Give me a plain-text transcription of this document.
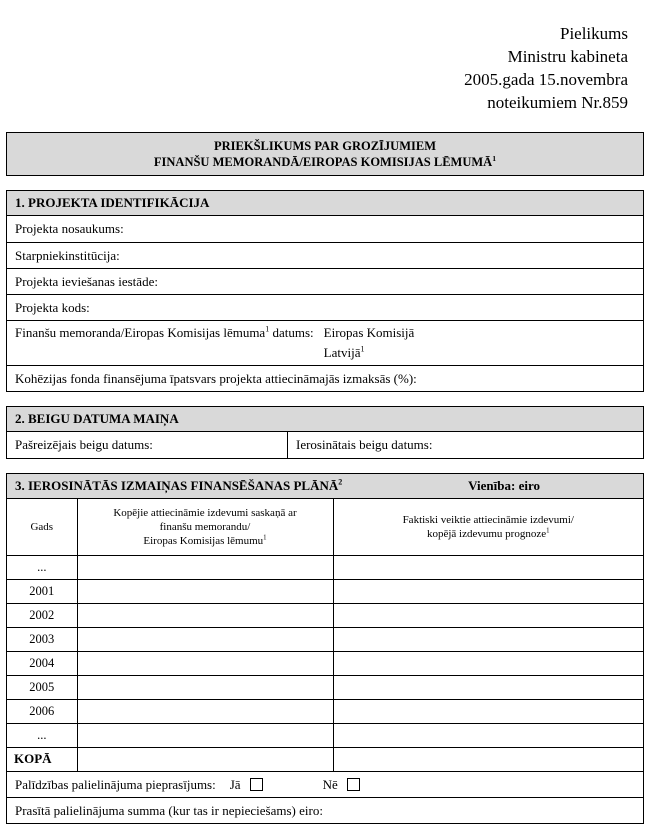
Pielikums
Ministru kabineta
2005.gada 15.novembra
noteikumiem Nr.859
PRIEKŠLIKUMS PAR GROZĪJUMIEM
FINANŠU MEMORANDĀ/EIROPAS KOMISIJAS LĒMUMĀ$^1$
1. PROJEKTA IDENTIFIKĀCIJA
Projekta nosaukums:
Starpniekinstitūcija:
Projekta ieviešanas iestāde:
Projekta kods:
Finanšu memoranda/Eiropas Komisijas lēmuma$^1$ datums: Eiropas Komisijā
Latvijā$^1$
Kohēzijas fonda finansējuma īpatsvars projekta attiecināmajās izmaksās (%):
2. BEIGU DATUMA MAIŅA
Pašreizējais beigu datums:	Ierosinātais beigu datums:
3. IEROSINĀTĀS IZMAIŅAS FINANSĒŠANAS PLĀNĀ$^2$	Vienība: eiro
Gads	
Kopējie attiecināmie izdevumi saskaņā ar
finanšu memorandu/
Eiropas Komisijas lēmumu$^1$

Faktiski veiktie attiecināmie izdevumi/
kopējā izdevumu prognoze$^1$

...		
2001		
2002		
2003		
2004		
2005		
2006		
...		
KOPĀ		
Palīdzības palielinājuma pieprasījums: Jā	Nē
Prasītā palielinājuma summa (kur tas ir nepieciešams) eiro:
